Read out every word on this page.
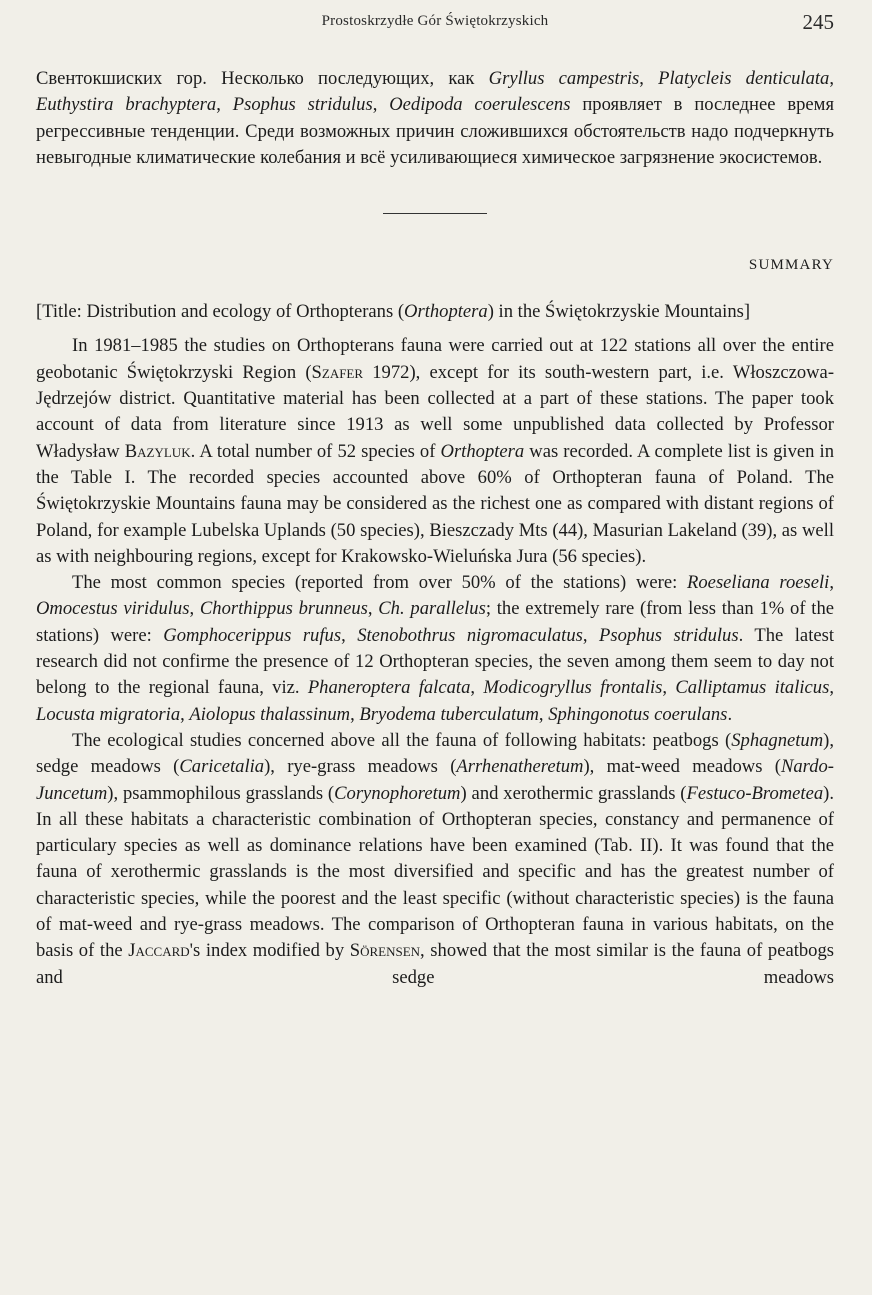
Prostoskrzydłe Gór Świętokrzyskich	245

Свентокшиских гор. Несколько последующих, как Gryllus campestris, Platycleis denticulata, Euthystira brachyptera, Psophus stridulus, Oedipoda coerulescens проявляет в последнее время регрессивные тенденции. Среди возможных причин сложившихся обстоятельств надо подчеркнуть невыгодные климатические колебания и всё усиливающиеся химическое загрязнение экосистемов.

SUMMARY

[Title: Distribution and ecology of Orthopterans (Orthoptera) in the Świętokrzyskie Mountains]

In 1981–1985 the studies on Orthopterans fauna were carried out at 122 stations all over the entire geobotanic Świętokrzyski Region (Szafer 1972), except for its south-western part, i.e. Włoszczowa-Jędrzejów district. Quantitative material has been collected at a part of these stations. The paper took account of data from literature since 1913 as well some unpublished data collected by Professor Władysław Bazyluk. A total number of 52 species of Orthoptera was recorded. A complete list is given in the Table I. The recorded species accounted above 60% of Orthopteran fauna of Poland. The Świętokrzyskie Mountains fauna may be considered as the richest one as compared with distant regions of Poland, for example Lubelska Uplands (50 species), Bieszczady Mts (44), Masurian Lakeland (39), as well as with neighbouring regions, except for Krakowsko-Wieluńska Jura (56 species).

The most common species (reported from over 50% of the stations) were: Roeseliana roeseli, Omocestus viridulus, Chorthippus brunneus, Ch. parallelus; the extremely rare (from less than 1% of the stations) were: Gomphocerippus rufus, Stenobothrus nigromaculatus, Psophus stridulus. The latest research did not confirme the presence of 12 Orthopteran species, the seven among them seem to day not belong to the regional fauna, viz. Phaneroptera falcata, Modicogryllus frontalis, Calliptamus italicus, Locusta migratoria, Aiolopus thalassinum, Bryodema tuberculatum, Sphingonotus coerulans.

The ecological studies concerned above all the fauna of following habitats: peatbogs (Sphagnetum), sedge meadows (Caricetalia), rye-grass meadows (Arrhenatheretum), mat-weed meadows (Nardo-Juncetum), psammophilous grasslands (Corynophoretum) and xerothermic grasslands (Festuco-Brometea). In all these habitats a characteristic combination of Orthopteran species, constancy and permanence of particulary species as well as dominance relations have been examined (Tab. II). It was found that the fauna of xerothermic grasslands is the most diversified and specific and has the greatest number of characteristic species, while the poorest and the least specific (without characteristic species) is the fauna of mat-weed and rye-grass meadows. The comparison of Orthopteran fauna in various habitats, on the basis of the Jaccard's index modified by Sörensen, showed that the most similar is the fauna of peatbogs and sedge meadows
